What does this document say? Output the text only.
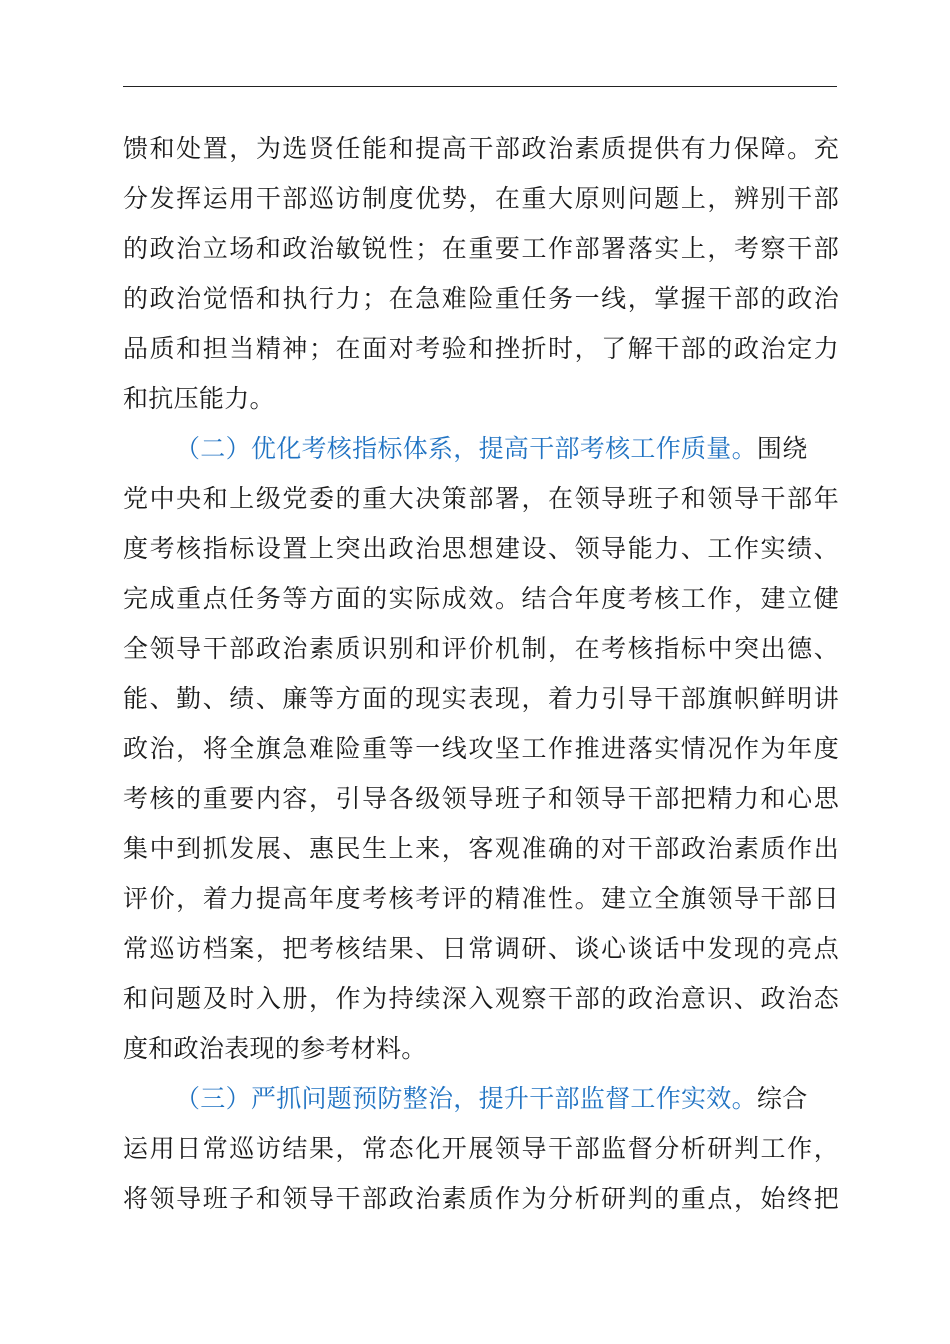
馈和处置，为选贤任能和提高干部政治素质提供有力保障。充
分发挥运用干部巡访制度优势，在重大原则问题上，辨别干部
的政治立场和政治敏锐性；在重要工作部署落实上，考察干部
的政治觉悟和执行力；在急难险重任务一线，掌握干部的政治
品质和担当精神；在面对考验和挫折时，了解干部的政治定力
和抗压能力。
（二）优化考核指标体系，提高干部考核工作质量。围绕
党中央和上级党委的重大决策部署，在领导班子和领导干部年
度考核指标设置上突出政治思想建设、领导能力、工作实绩、
完成重点任务等方面的实际成效。结合年度考核工作，建立健
全领导干部政治素质识别和评价机制，在考核指标中突出德、
能、勤、绩、廉等方面的现实表现，着力引导干部旗帜鲜明讲
政治，将全旗急难险重等一线攻坚工作推进落实情况作为年度
考核的重要内容，引导各级领导班子和领导干部把精力和心思
集中到抓发展、惠民生上来，客观准确的对干部政治素质作出
评价，着力提高年度考核考评的精准性。建立全旗领导干部日
常巡访档案，把考核结果、日常调研、谈心谈话中发现的亮点
和问题及时入册，作为持续深入观察干部的政治意识、政治态
度和政治表现的参考材料。
（三）严抓问题预防整治，提升干部监督工作实效。综合
运用日常巡访结果，常态化开展领导干部监督分析研判工作，
将领导班子和领导干部政治素质作为分析研判的重点，始终把
